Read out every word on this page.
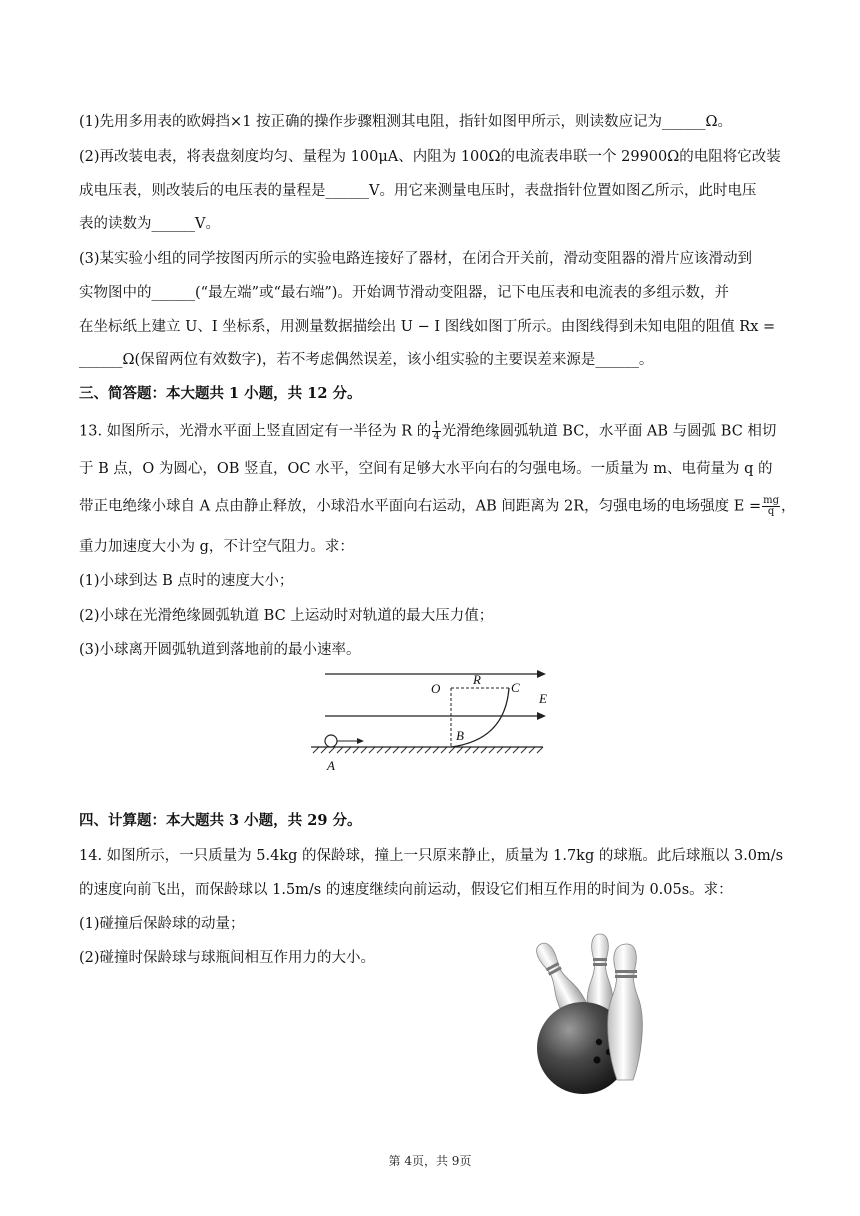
(1)先用多用表的欧姆挡×1 按正确的操作步骤粗测其电阻，指针如图甲所示，则读数应记为______Ω。
(2)再改装电表，将表盘刻度均匀、量程为 100μA、内阻为 100Ω的电流表串联一个 29900Ω的电阻将它改装
成电压表，则改装后的电压表的量程是______V。用它来测量电压时，表盘指针位置如图乙所示，此时电压
表的读数为______V。
(3)某实验小组的同学按图丙所示的实验电路连接好了器材，在闭合开关前，滑动变阻器的滑片应该滑动到
实物图中的______(“最左端”或“最右端”)。开始调节滑动变阻器，记下电压表和电流表的多组示数，并
在坐标纸上建立 U、I 坐标系，用测量数据描绘出 U − I 图线如图丁所示。由图线得到未知电阻的阻值 Rx =
______Ω(保留两位有效数字)，若不考虑偶然误差，该小组实验的主要误差来源是______。
三、简答题：本大题共 1 小题，共 12 分。
13. 如图所示，光滑水平面上竖直固定有一半径为 R 的 $\frac{1}{4}$ 光滑绝缘圆弧轨道 BC，水平面 AB 与圆弧 BC 相切
于 B 点，O 为圆心，OB 竖直，OC 水平，空间有足够大水平向右的匀强电场。一质量为 m、电荷量为 q 的
带正电绝缘小球自 A 点由静止释放，小球沿水平面向右运动，AB 间距离为 2R，匀强电场的电场强度 $E = \frac{mg}{q}$ ，
重力加速度大小为 g，不计空气阻力。求：
(1)小球到达 B 点时的速度大小；
(2)小球在光滑绝缘圆弧轨道 BC 上运动时对轨道的最大压力值；
(3)小球离开圆弧轨道到落地前的最小速率。
O
R
C
E
B
A
四、计算题：本大题共 3 小题，共 29 分。
14. 如图所示，一只质量为 5.4kg 的保龄球，撞上一只原来静止，质量为 1.7kg 的球瓶。此后球瓶以 3.0m/s
的速度向前飞出，而保龄球以 1.5m/s 的速度继续向前运动，假设它们相互作用的时间为 0.05s。求：
(1)碰撞后保龄球的动量；
(2)碰撞时保龄球与球瓶间相互作用力的大小。
第 4页，共 9页
